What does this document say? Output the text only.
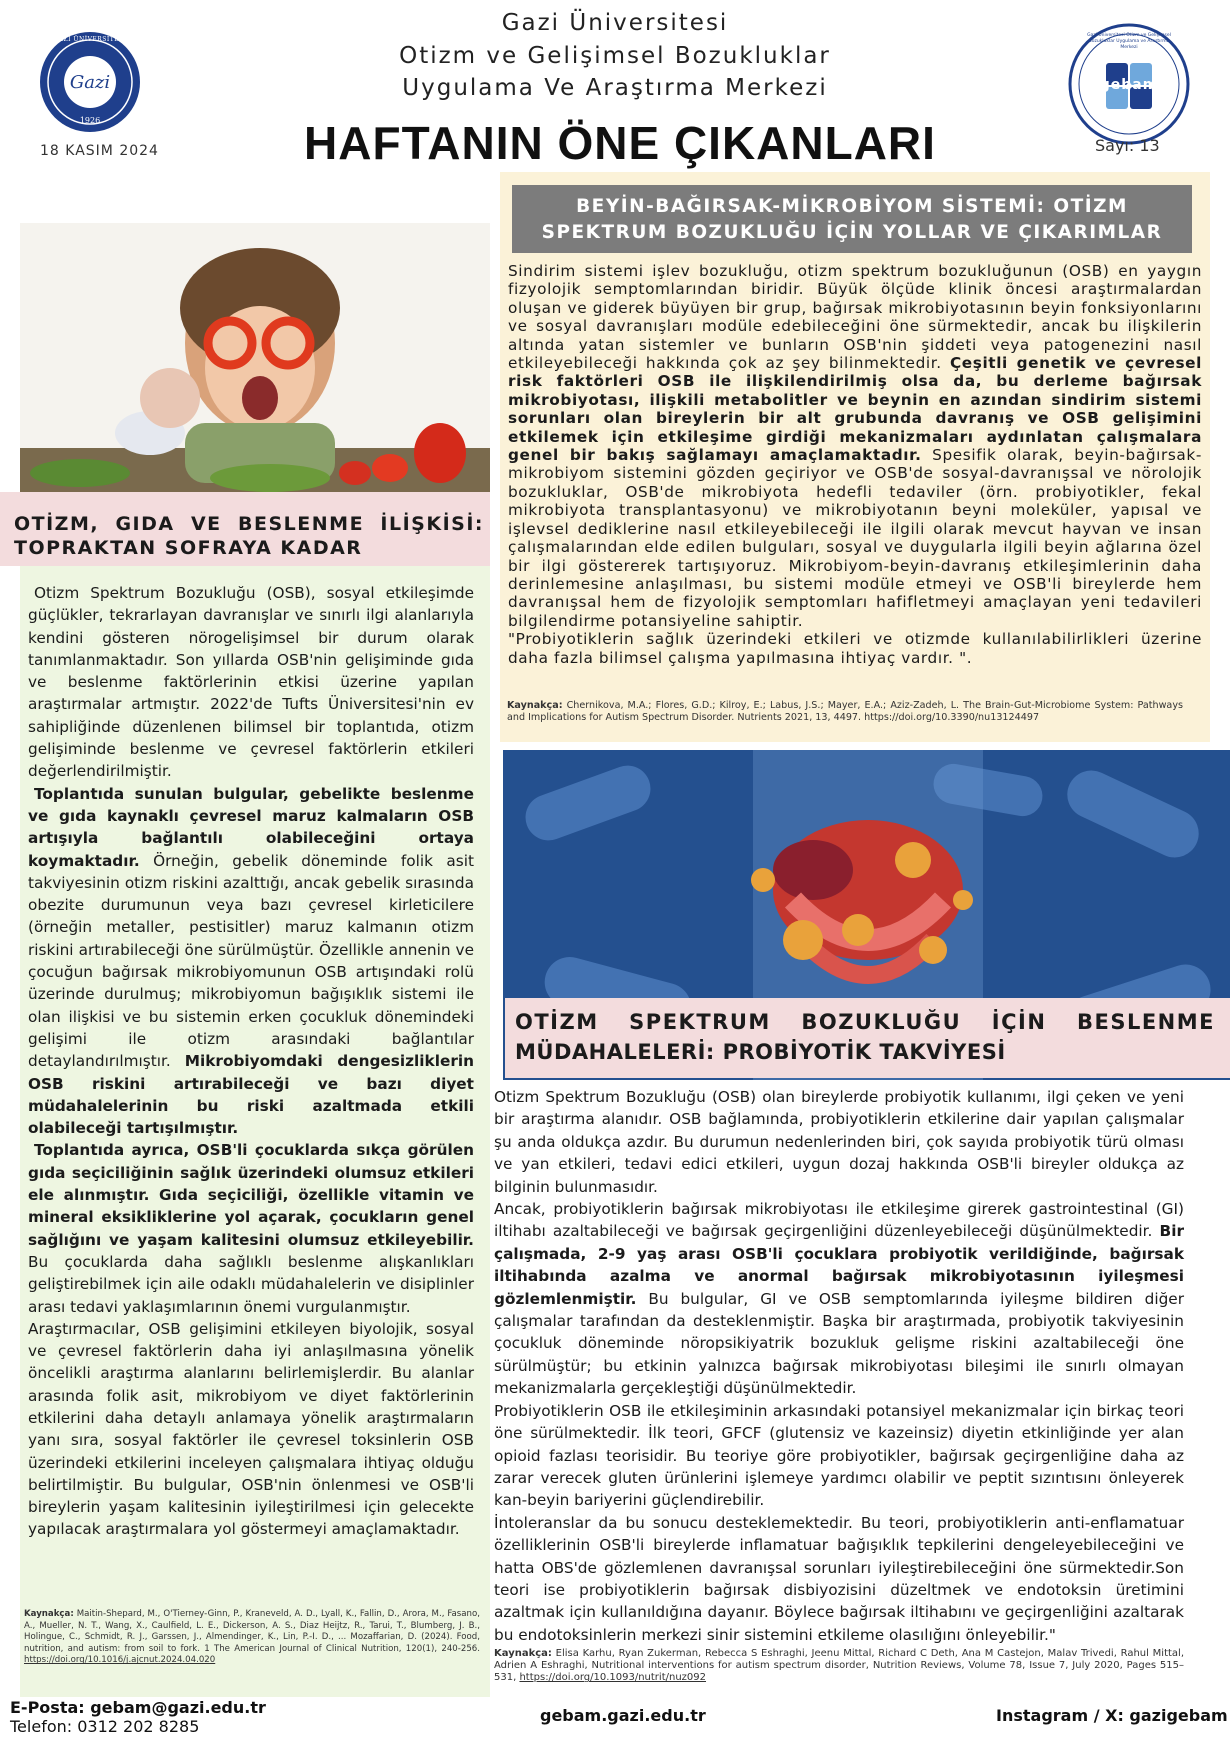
Gazi
GAZİ ÜNİVERSİTESİ
1926
Gazi Üniversitesi
Otizm ve Gelişimsel Bozukluklar
Uygulama Ve Araştırma Merkezi	gebam
Gazi Üniversitesi Otizm ve Gelişimsel Bozukluklar Uygulama ve Araştırma Merkezi
18 KASIM 2024	HAFTANIN ÖNE ÇIKANLARI	Sayı: 13
OTİZM, GIDA VE BESLENME İLİŞKİSİ: TOPRAKTAN SOFRAYA KADAR

Otizm Spektrum Bozukluğu (OSB), sosyal etkileşimde güçlükler, tekrarlayan davranışlar ve sınırlı ilgi alanlarıyla kendini gösteren nörogelişimsel bir durum olarak tanımlanmaktadır. Son yıllarda OSB'nin gelişiminde gıda ve beslenme faktörlerinin etkisi üzerine yapılan araştırmalar artmıştır. 2022'de Tufts Üniversitesi'nin ev sahipliğinde düzenlenen bilimsel bir toplantıda, otizm gelişiminde beslenme ve çevresel faktörlerin etkileri değerlendirilmiştir.

Toplantıda sunulan bulgular, gebelikte beslenme ve gıda kaynaklı çevresel maruz kalmaların OSB artışıyla bağlantılı olabileceğini ortaya koymaktadır. Örneğin, gebelik döneminde folik asit takviyesinin otizm riskini azalttığı, ancak gebelik sırasında obezite durumunun veya bazı çevresel kirleticilere (örneğin metaller, pestisitler) maruz kalmanın otizm riskini artırabileceği öne sürülmüştür. Özellikle annenin ve çocuğun bağırsak mikrobiyomunun OSB artışındaki rolü üzerinde durulmuş; mikrobiyomun bağışıklık sistemi ile olan ilişkisi ve bu sistemin erken çocukluk dönemindeki gelişimi ile otizm arasındaki bağlantılar detaylandırılmıştır. Mikrobiyomdaki dengesizliklerin OSB riskini artırabileceği ve bazı diyet müdahalelerinin bu riski azaltmada etkili olabileceği tartışılmıştır.

Toplantıda ayrıca, OSB'li çocuklarda sıkça görülen gıda seçiciliğinin sağlık üzerindeki olumsuz etkileri ele alınmıştır. Gıda seçiciliği, özellikle vitamin ve mineral eksikliklerine yol açarak, çocukların genel sağlığını ve yaşam kalitesini olumsuz etkileyebilir. Bu çocuklarda daha sağlıklı beslenme alışkanlıkları geliştirebilmek için aile odaklı müdahalelerin ve disiplinler arası tedavi yaklaşımlarının önemi vurgulanmıştır.

Araştırmacılar, OSB gelişimini etkileyen biyolojik, sosyal ve çevresel faktörlerin daha iyi anlaşılmasına yönelik öncelikli araştırma alanlarını belirlemişlerdir. Bu alanlar arasında folik asit, mikrobiyom ve diyet faktörlerinin etkilerini daha detaylı anlamaya yönelik araştırmaların yanı sıra, sosyal faktörler ile çevresel toksinlerin OSB üzerindeki etkilerini inceleyen çalışmalara ihtiyaç olduğu belirtilmiştir. Bu bulgular, OSB'nin önlenmesi ve OSB'li bireylerin yaşam kalitesinin iyileştirilmesi için gelecekte yapılacak araştırmalara yol göstermeyi amaçlamaktadır.

Kaynakça: Maitin-Shepard, M., O'Tierney-Ginn, P., Kraneveld, A. D., Lyall, K., Fallin, D., Arora, M., Fasano, A., Mueller, N. T., Wang, X., Caulfield, L. E., Dickerson, A. S., Diaz Heijtz, R., Tarui, T., Blumberg, J. B., Holingue, C., Schmidt, R. J., Garssen, J., Almendinger, K., Lin, P.-I. D., ... Mozaffarian, D. (2024). Food, nutrition, and autism: from soil to fork. 1 The American Journal of Clinical Nutrition, 120(1), 240-256. https://doi.org/10.1016/j.ajcnut.2024.04.020
BEYİN-BAĞIRSAK-MİKROBİYOM SİSTEMİ: OTİZM
SPEKTRUM BOZUKLUĞU İÇİN YOLLAR VE ÇIKARIMLAR

Sindirim sistemi işlev bozukluğu, otizm spektrum bozukluğunun (OSB) en yaygın fizyolojik semptomlarından biridir. Büyük ölçüde klinik öncesi araştırmalardan oluşan ve giderek büyüyen bir grup, bağırsak mikrobiyotasının beyin fonksiyonlarını ve sosyal davranışları modüle edebileceğini öne sürmektedir, ancak bu ilişkilerin altında yatan sistemler ve bunların OSB'nin şiddeti veya patogenezini nasıl etkileyebileceği hakkında çok az şey bilinmektedir. Çeşitli genetik ve çevresel risk faktörleri OSB ile ilişkilendirilmiş olsa da, bu derleme bağırsak mikrobiyotası, ilişkili metabolitler ve beynin en azından sindirim sistemi sorunları olan bireylerin bir alt grubunda davranış ve OSB gelişimini etkilemek için etkileşime girdiği mekanizmaları aydınlatan çalışmalara genel bir bakış sağlamayı amaçlamaktadır. Spesifik olarak, beyin-bağırsak-mikrobiyom sistemini gözden geçiriyor ve OSB'de sosyal-davranışsal ve nörolojik bozukluklar, OSB'de mikrobiyota hedefli tedaviler (örn. probiyotikler, fekal mikrobiyota transplantasyonu) ve mikrobiyotanın beyni moleküler, yapısal ve işlevsel dediklerine nasıl etkileyebileceği ile ilgili olarak mevcut hayvan ve insan çalışmalarından elde edilen bulguları, sosyal ve duygularla ilgili beyin ağlarına özel bir ilgi göstererek tartışıyoruz. Mikrobiyom-beyin-davranış etkileşimlerinin daha derinlemesine anlaşılması, bu sistemi modüle etmeyi ve OSB'li bireylerde hem davranışsal hem de fizyolojik semptomları hafifletmeyi amaçlayan yeni tedavileri bilgilendirme potansiyeline sahiptir.

"Probiyotiklerin sağlık üzerindeki etkileri ve otizmde kullanılabilirlikleri üzerine daha fazla bilimsel çalışma yapılmasına ihtiyaç vardır. ".

Kaynakça: Chernikova, M.A.; Flores, G.D.; Kilroy, E.; Labus, J.S.; Mayer, E.A.; Aziz-Zadeh, L. The Brain-Gut-Microbiome System: Pathways and Implications for Autism Spectrum Disorder. Nutrients 2021, 13, 4497. https://doi.org/10.3390/nu13124497
OTİZM SPEKTRUM BOZUKLUĞU İÇİN BESLENME
MÜDAHALELERİ: PROBİYOTİK TAKVİYESİ

Otizm Spektrum Bozukluğu (OSB) olan bireylerde probiyotik kullanımı, ilgi çeken ve yeni bir araştırma alanıdır. OSB bağlamında, probiyotiklerin etkilerine dair yapılan çalışmalar şu anda oldukça azdır. Bu durumun nedenlerinden biri, çok sayıda probiyotik türü olması ve yan etkileri, tedavi edici etkileri, uygun dozaj hakkında OSB'li bireyler oldukça az bilginin bulunmasıdır.

Ancak, probiyotiklerin bağırsak mikrobiyotası ile etkileşime girerek gastrointestinal (GI) iltihabı azaltabileceği ve bağırsak geçirgenliğini düzenleyebileceği düşünülmektedir. Bir çalışmada, 2-9 yaş arası OSB'li çocuklara probiyotik verildiğinde, bağırsak iltihabında azalma ve anormal bağırsak mikrobiyotasının iyileşmesi gözlemlenmiştir. Bu bulgular, GI ve OSB semptomlarında iyileşme bildiren diğer çalışmalar tarafından da desteklenmiştir. Başka bir araştırmada, probiyotik takviyesinin çocukluk döneminde nöropsikiyatrik bozukluk gelişme riskini azaltabileceği öne sürülmüştür; bu etkinin yalnızca bağırsak mikrobiyotası bileşimi ile sınırlı olmayan mekanizmalarla gerçekleştiği düşünülmektedir.

Probiyotiklerin OSB ile etkileşiminin arkasındaki potansiyel mekanizmalar için birkaç teori öne sürülmektedir. İlk teori, GFCF (glutensiz ve kazeinsiz) diyetin etkinliğinde yer alan opioid fazlası teorisidir. Bu teoriye göre probiyotikler, bağırsak geçirgenliğine daha az zarar verecek gluten ürünlerini işlemeye yardımcı olabilir ve peptit sızıntısını önleyerek kan-beyin bariyerini güçlendirebilir.

İntoleranslar da bu sonucu desteklemektedir. Bu teori, probiyotiklerin anti-enflamatuar özelliklerinin OSB'li bireylerde inflamatuar bağışıklık tepkilerini dengeleyebileceğini ve hatta OBS'de gözlemlenen davranışsal sorunları iyileştirebileceğini öne sürmektedir.Son teori ise probiyotiklerin bağırsak disbiyozisini düzeltmek ve endotoksin üretimini azaltmak için kullanıldığına dayanır. Böylece bağırsak iltihabını ve geçirgenliğini azaltarak bu endotoksinlerin merkezi sinir sistemini etkileme olasılığını önleyebilir."

Kaynakça: Elisa Karhu, Ryan Zukerman, Rebecca S Eshraghi, Jeenu Mittal, Richard C Deth, Ana M Castejon, Malav Trivedi, Rahul Mittal, Adrien A Eshraghi, Nutritional interventions for autism spectrum disorder, Nutrition Reviews, Volume 78, Issue 7, July 2020, Pages 515–531, https://doi.org/10.1093/nutrit/nuz092
E-Posta: gebam@gazi.edu.tr
Telefon: 0312 202 8285
gebam.gazi.edu.tr	Instagram / X: gazigebam
